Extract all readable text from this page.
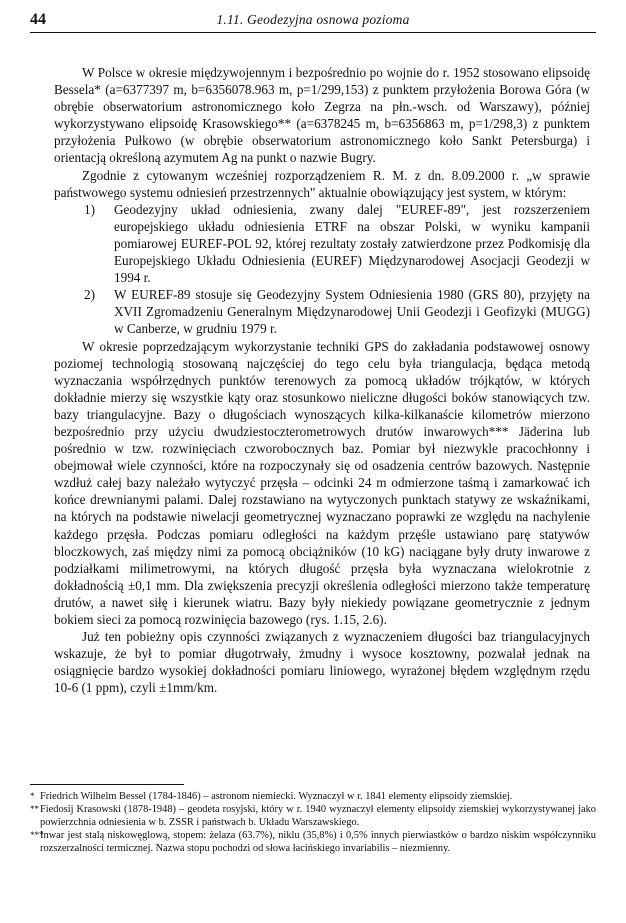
44	1.11. Geodezyjna osnowa pozioma

W Polsce w okresie międzywojennym i bezpośrednio po wojnie do r. 1952 stosowano elipsoidę Bessela* (a=6377397 m, b=6356078.963 m, p=1/299,153) z punktem przyłożenia Borowa Góra (w obrębie obserwatorium astronomicznego koło Zegrza na płn.-wsch. od Warszawy), później wykorzystywano elipsoidę Krasowskiego** (a=6378245 m, b=6356863 m, p=1/298,3) z punktem przyłożenia Pułkowo (w obrębie obserwatorium astronomicznego koło Sankt Petersburga) i orientacją określoną azymutem Ag na punkt o nazwie Bugry.

Zgodnie z cytowanym wcześniej rozporządzeniem R. M. z dn. 8.09.2000 r. „w sprawie państwowego systemu odniesień przestrzennych" aktualnie obowiązujący jest system, w którym:

1) Geodezyjny układ odniesienia, zwany dalej "EUREF-89", jest rozszerzeniem europejskiego układu odniesienia ETRF na obszar Polski, w wyniku kampanii pomiarowej EUREF-POL 92, której rezultaty zostały zatwierdzone przez Podkomisję dla Europejskiego Układu Odniesienia (EUREF) Międzynarodowej Asocjacji Geodezji w 1994 r.
2) W EUREF-89 stosuje się Geodezyjny System Odniesienia 1980 (GRS 80), przyjęty na XVII Zgromadzeniu Generalnym Międzynarodowej Unii Geodezji i Geofizyki (MUGG) w Canberze, w grudniu 1979 r.

W okresie poprzedzającym wykorzystanie techniki GPS do zakładania podstawowej osnowy poziomej technologią stosowaną najczęściej do tego celu była triangulacja, będąca metodą wyznaczania współrzędnych punktów terenowych za pomocą układów trójkątów, w których dokładnie mierzy się wszystkie kąty oraz stosunkowo nieliczne długości boków stanowiących tzw. bazy triangulacyjne. Bazy o długościach wynoszących kilka-kilkanaście kilometrów mierzono bezpośrednio przy użyciu dwudziestoczterometrowych drutów inwarowych*** Jäderina lub pośrednio w tzw. rozwinięciach czworobocznych baz. Pomiar był niezwykle pracochłonny i obejmował wiele czynności, które na rozpoczynały się od osadzenia centrów bazowych. Następnie wzdłuż całej bazy należało wytyczyć przęsła – odcinki 24 m odmierzone taśmą i zamarkować ich końce drewnianymi palami. Dalej rozstawiano na wytyczonych punktach statywy ze wskaźnikami, na których na podstawie niwelacji geometrycznej wyznaczano poprawki ze względu na nachylenie każdego przęsła. Podczas pomiaru odległości na każdym przęśle ustawiano parę statywów bloczkowych, zaś między nimi za pomocą obciążników (10 kG) naciągane były druty inwarowe z podziałkami milimetrowymi, na których długość przęsła była wyznaczana wielokrotnie z dokładnością ±0,1 mm. Dla zwiększenia precyzji określenia odległości mierzono także temperaturę drutów, a nawet siłę i kierunek wiatru. Bazy były niekiedy powiązane geometrycznie z jednym bokiem sieci za pomocą rozwinięcia bazowego (rys. 1.15, 2.6).

Już ten pobieżny opis czynności związanych z wyznaczeniem długości baz triangulacyjnych wskazuje, że był to pomiar długotrwały, żmudny i wysoce kosztowny, pozwalał jednak na osiągnięcie bardzo wysokiej dokładności pomiaru liniowego, wyrażonej błędem względnym rzędu 10-6 (1 ppm), czyli ±1mm/km.

* Friedrich Wilhelm Bessel (1784-1846) – astronom niemiecki. Wyznaczył w r. 1841 elementy elipsoidy ziemskiej.
** Fiedosij Krasowski (1878-1948) – geodeta rosyjski, który w r. 1940 wyznaczył elementy elipsoidy ziemskiej wykorzystywanej jako powierzchnia odniesienia w b. ZSSR i państwach b. Układu Warszawskiego.
***
Inwar jest stalą niskowęglową, stopem: żelaza (63.7%), niklu (35,8%) i 0,5% innych pierwiastków o bardzo niskim współczynniku rozszerzalności termicznej. Nazwa stopu pochodzi od słowa łacińskiego invariabilis – niezmienny.
